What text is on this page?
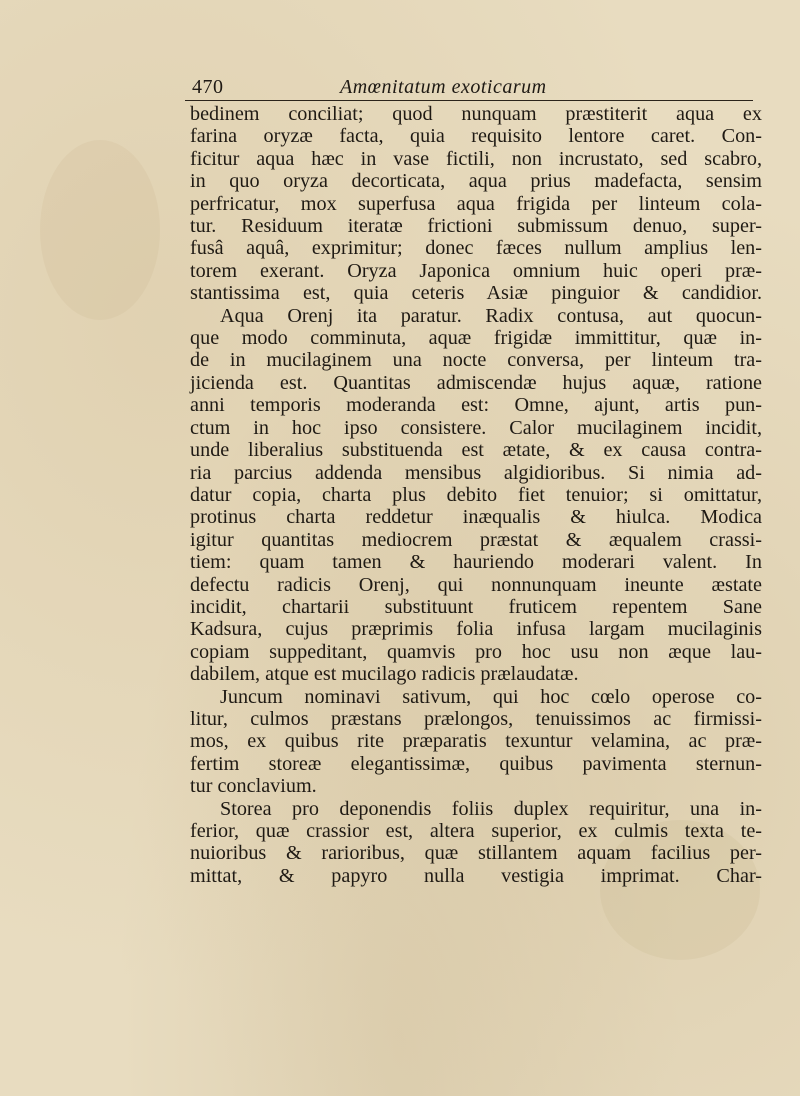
470	Amœnitatum exoticarum
bedinem conciliat; quod nunquam præstiterit aqua ex
farina oryzæ facta, quia requisito lentore caret. Con-
ficitur aqua hæc in vase fictili, non incrustato, sed scabro,
in quo oryza decorticata, aqua prius madefacta, sensim
perfricatur, mox superfusa aqua frigida per linteum cola-
tur. Residuum iteratæ frictioni submissum denuo, super-
fusâ aquâ, exprimitur; donec fæces nullum amplius len-
torem exerant. Oryza Japonica omnium huic operi præ-
stantissima est, quia ceteris Asiæ pinguior & candidior.
Aqua Orenj ita paratur. Radix contusa, aut quocun-
que modo comminuta, aquæ frigidæ immittitur, quæ in-
de in mucilaginem una nocte conversa, per linteum tra-
jicienda est. Quantitas admiscendæ hujus aquæ, ratione
anni temporis moderanda est: Omne, ajunt, artis pun-
ctum in hoc ipso consistere. Calor mucilaginem incidit,
unde liberalius substituenda est ætate, & ex causa contra-
ria parcius addenda mensibus algidioribus. Si nimia ad-
datur copia, charta plus debito fiet tenuior; si omittatur,
protinus charta reddetur inæqualis & hiulca. Modica
igitur quantitas mediocrem præstat & æqualem crassi-
tiem: quam tamen & hauriendo moderari valent. In
defectu radicis Orenj, qui nonnunquam ineunte æstate
incidit, chartarii substituunt fruticem repentem Sane
Kadsura, cujus præprimis folia infusa largam mucilaginis
copiam suppeditant, quamvis pro hoc usu non æque lau-
dabilem, atque est mucilago radicis prælaudatæ.
Juncum nominavi sativum, qui hoc cœlo operose co-
litur, culmos præstans prælongos, tenuissimos ac firmissi-
mos, ex quibus rite præparatis texuntur velamina, ac præ-
fertim storeæ elegantissimæ, quibus pavimenta sternun-
tur conclavium.
Storea pro deponendis foliis duplex requiritur, una in-
ferior, quæ crassior est, altera superior, ex culmis texta te-
nuioribus & rarioribus, quæ stillantem aquam facilius per-
mittat, & papyro nulla vestigia imprimat. Char-
